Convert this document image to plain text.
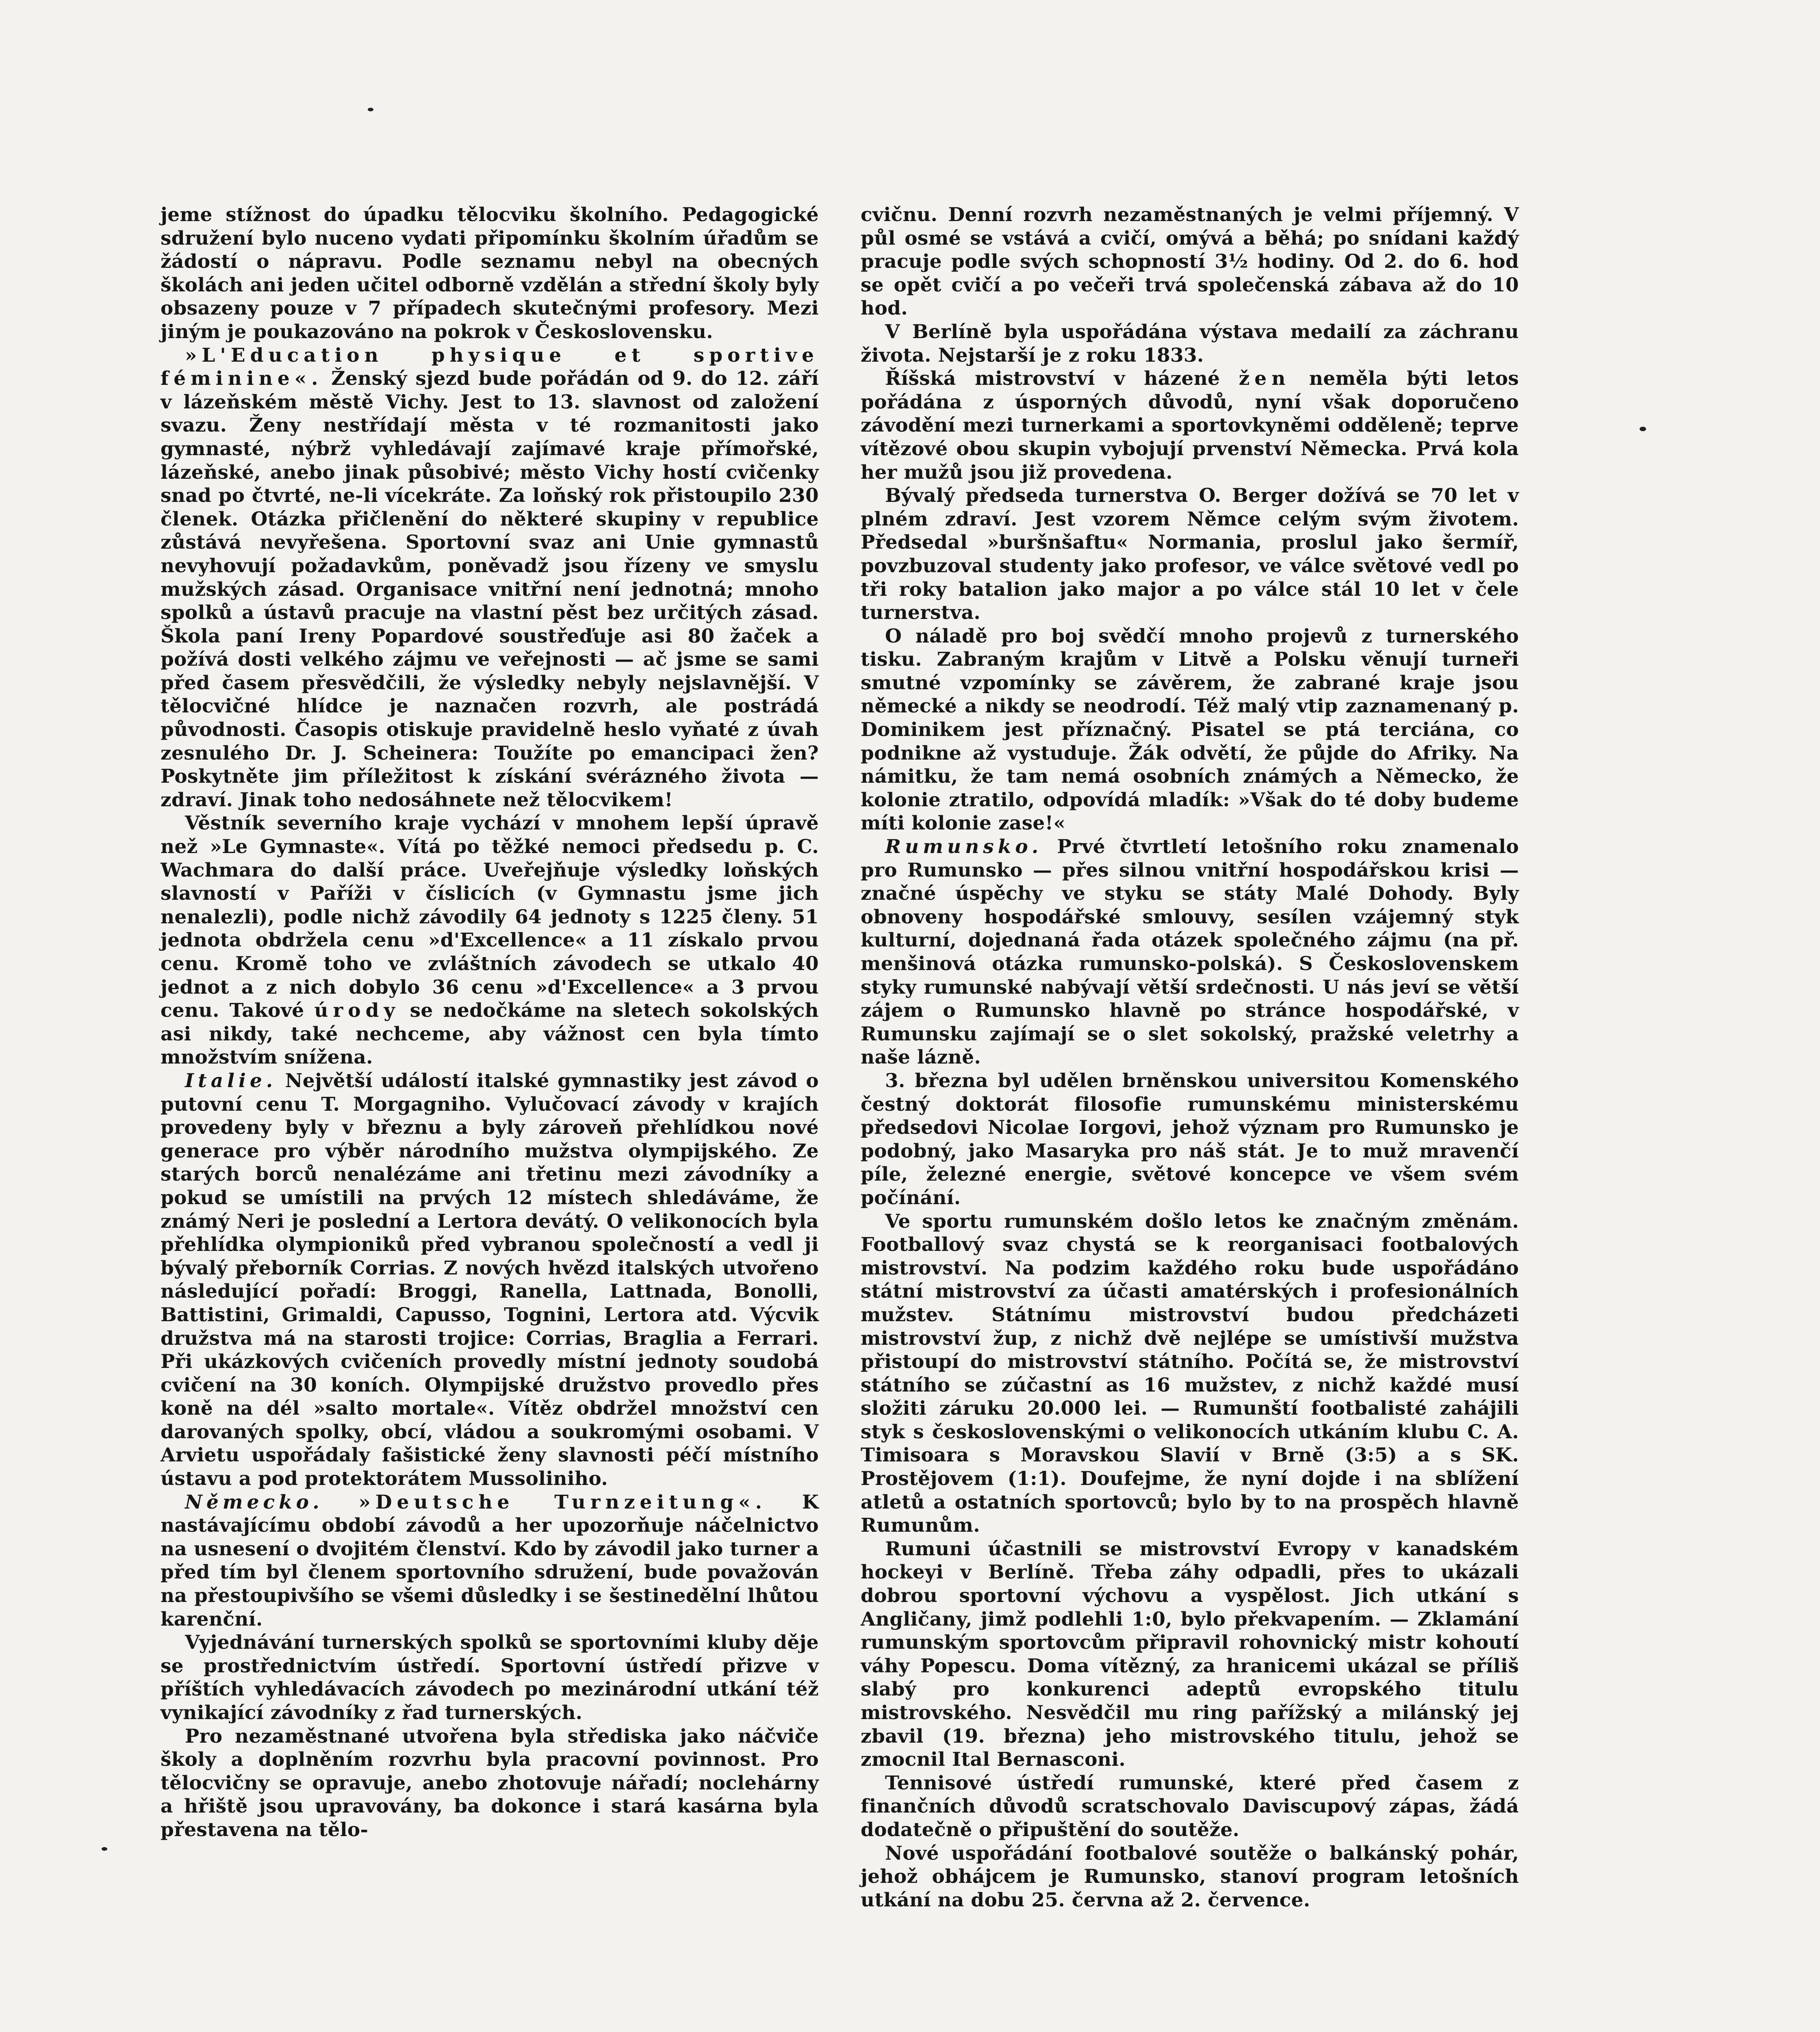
jeme stížnost do úpadku tělocviku školního. Pedagogické sdružení bylo nuceno vydati připomínku školním úřadům se žádostí o nápravu. Podle seznamu nebyl na obecných školách ani jeden učitel odborně vzdělán a střední školy byly obsazeny pouze v 7 případech skutečnými profesory. Mezi jiným je poukazováno na pokrok v Československu.

»L'Education physique et sportive féminine«. Ženský sjezd bude pořádán od 9. do 12. září v lázeňském městě Vichy. Jest to 13. slavnost od založení svazu. Ženy nestřídají města v té rozmanitosti jako gymnasté, nýbrž vyhledávají zajímavé kraje přímořské, lázeňské, anebo jinak působivé; město Vichy hostí cvičenky snad po čtvrté, ne-li vícekráte. Za loňský rok přistoupilo 230 členek. Otázka přičlenění do některé skupiny v republice zůstává nevyřešena. Sportovní svaz ani Unie gymnastů nevyhovují požadavkům, poněvadž jsou řízeny ve smyslu mužských zásad. Organisace vnitřní není jednotná; mnoho spolků a ústavů pracuje na vlastní pěst bez určitých zásad. Škola paní Ireny Popardové soustřeďuje asi 80 žaček a požívá dosti velkého zájmu ve veřejnosti — ač jsme se sami před časem přesvědčili, že výsledky nebyly nejslavnější. V tělocvičné hlídce je naznačen rozvrh, ale postrádá původnosti. Časopis otiskuje pravidelně heslo vyňaté z úvah zesnulého Dr. J. Scheinera: Toužíte po emancipaci žen? Poskytněte jim příležitost k získání svérázného života — zdraví. Jinak toho nedosáhnete než tělocvikem!

Věstník severního kraje vychází v mnohem lepší úpravě než »Le Gymnaste«. Vítá po těžké nemoci předsedu p. C. Wachmara do další práce. Uveřejňuje výsledky loňských slavností v Paříži v číslicích (v Gymnastu jsme jich nenalezli), podle nichž závodily 64 jednoty s 1225 členy. 51 jednota obdržela cenu »d'Excellence« a 11 získalo prvou cenu. Kromě toho ve zvláštních závodech se utkalo 40 jednot a z nich dobylo 36 cenu »d'Excellence« a 3 prvou cenu. Takové úrody se nedočkáme na sletech sokolských asi nikdy, také nechceme, aby vážnost cen byla tímto množstvím snížena.

Italie. Největší událostí italské gymnastiky jest závod o putovní cenu T. Morgagniho. Vylučovací závody v krajích provedeny byly v březnu a byly zároveň přehlídkou nové generace pro výběr národního mužstva olympijského. Ze starých borců nenalézáme ani třetinu mezi závodníky a pokud se umístili na prvých 12 místech shledáváme, že známý Neri je poslední a Lertora devátý. O velikonocích byla přehlídka olympioniků před vybranou společností a vedl ji bývalý přeborník Corrias. Z nových hvězd italských utvořeno následující pořadí: Broggi, Ranella, Lattnada, Bonolli, Battistini, Grimaldi, Capusso, Tognini, Lertora atd. Výcvik družstva má na starosti trojice: Corrias, Braglia a Ferrari. Při ukázkových cvičeních provedly místní jednoty soudobá cvičení na 30 koních. Olympijské družstvo provedlo přes koně na dél »salto mortale«. Vítěz obdržel množství cen darovaných spolky, obcí, vládou a soukromými osobami. V Arvietu uspořádaly fašistické ženy slavnosti péčí místního ústavu a pod protektorátem Mussoliniho.

Německo. »Deutsche Turnzeitung«. K nastávajícímu období závodů a her upozorňuje náčelnictvo na usnesení o dvojitém členství. Kdo by závodil jako turner a před tím byl členem sportovního sdružení, bude považován na přestoupivšího se všemi důsledky i se šestinedělní lhůtou karenční.

Vyjednávání turnerských spolků se sportovními kluby děje se prostřednictvím ústředí. Sportovní ústředí přizve v příštích vyhledávacích závodech po mezinárodní utkání též vynikající závodníky z řad turnerských.

Pro nezaměstnané utvořena byla střediska jako náčviče školy a doplněním rozvrhu byla pracovní povinnost. Pro tělocvičny se opravuje, anebo zhotovuje nářadí; noclehárny a hřiště jsou upravovány, ba dokonce i stará kasárna byla přestavena na tělo-

cvičnu. Denní rozvrh nezaměstnaných je velmi příjemný. V půl osmé se vstává a cvičí, omývá a běhá; po snídani každý pracuje podle svých schopností 3½ hodiny. Od 2. do 6. hod se opět cvičí a po večeři trvá společenská zábava až do 10 hod.

V Berlíně byla uspořádána výstava medailí za záchranu života. Nejstarší je z roku 1833.

Říšská mistrovství v házené žen neměla býti letos pořádána z úsporných důvodů, nyní však doporučeno závodění mezi turnerkami a sportovkyněmi odděleně; teprve vítězové obou skupin vybojují prvenství Německa. Prvá kola her mužů jsou již provedena.

Bývalý předseda turnerstva O. Berger dožívá se 70 let v plném zdraví. Jest vzorem Němce celým svým životem. Předsedal »buršnšaftu« Normania, proslul jako šermíř, povzbuzoval studenty jako profesor, ve válce světové vedl po tři roky batalion jako major a po válce stál 10 let v čele turnerstva.

O náladě pro boj svědčí mnoho projevů z turnerského tisku. Zabraným krajům v Litvě a Polsku věnují turneři smutné vzpomínky se závěrem, že zabrané kraje jsou německé a nikdy se neodrodí. Též malý vtip zaznamenaný p. Dominikem jest příznačný. Pisatel se ptá terciána, co podnikne až vystuduje. Žák odvětí, že půjde do Afriky. Na námitku, že tam nemá osobních známých a Německo, že kolonie ztratilo, odpovídá mladík: »Však do té doby budeme míti kolonie zase!«

Rumunsko. Prvé čtvrtletí letošního roku znamenalo pro Rumunsko — přes silnou vnitřní hospodářskou krisi — značné úspěchy ve styku se státy Malé Dohody. Byly obnoveny hospodářské smlouvy, sesílen vzájemný styk kulturní, dojednaná řada otázek společného zájmu (na př. menšinová otázka rumunsko-polská). S Československem styky rumunské nabývají větší srdečnosti. U nás jeví se větší zájem o Rumunsko hlavně po stránce hospodářské, v Rumunsku zajímají se o slet sokolský, pražské veletrhy a naše lázně.

3. března byl udělen brněnskou universitou Komenského čestný doktorát filosofie rumunskému ministerskému předsedovi Nicolae Iorgovi, jehož význam pro Rumunsko je podobný, jako Masaryka pro náš stát. Je to muž mravenčí píle, železné energie, světové koncepce ve všem svém počínání.

Ve sportu rumunském došlo letos ke značným změnám. Footballový svaz chystá se k reorganisaci footbalových mistrovství. Na podzim každého roku bude uspořádáno státní mistrovství za účasti amatérských i profesionálních mužstev. Státnímu mistrovství budou předcházeti mistrovství žup, z nichž dvě nejlépe se umístivší mužstva přistoupí do mistrovství státního. Počítá se, že mistrovství státního se zúčastní as 16 mužstev, z nichž každé musí složiti záruku 20.000 lei. — Rumunští footbalisté zahájili styk s československými o velikonocích utkáním klubu C. A. Timisoara s Moravskou Slavií v Brně (3:5) a s SK. Prostějovem (1:1). Doufejme, že nyní dojde i na sblížení atletů a ostatních sportovců; bylo by to na prospěch hlavně Rumunům.

Rumuni účastnili se mistrovství Evropy v kanadském hockeyi v Berlíně. Třeba záhy odpadli, přes to ukázali dobrou sportovní výchovu a vyspělost. Jich utkání s Angličany, jimž podlehli 1:0, bylo překvapením. — Zklamání rumunským sportovcům připravil rohovnický mistr kohoutí váhy Popescu. Doma vítězný, za hranicemi ukázal se příliš slabý pro konkurenci adeptů evropského titulu mistrovského. Nesvědčil mu ring pařížský a milánský jej zbavil (19. března) jeho mistrovského titulu, jehož se zmocnil Ital Bernasconi.

Tennisové ústředí rumunské, které před časem z finančních důvodů scratschovalo Daviscupový zápas, žádá dodatečně o připuštění do soutěže.

Nové uspořádání footbalové soutěže o balkánský pohár, jehož obhájcem je Rumunsko, stanoví program letošních utkání na dobu 25. června až 2. července.
